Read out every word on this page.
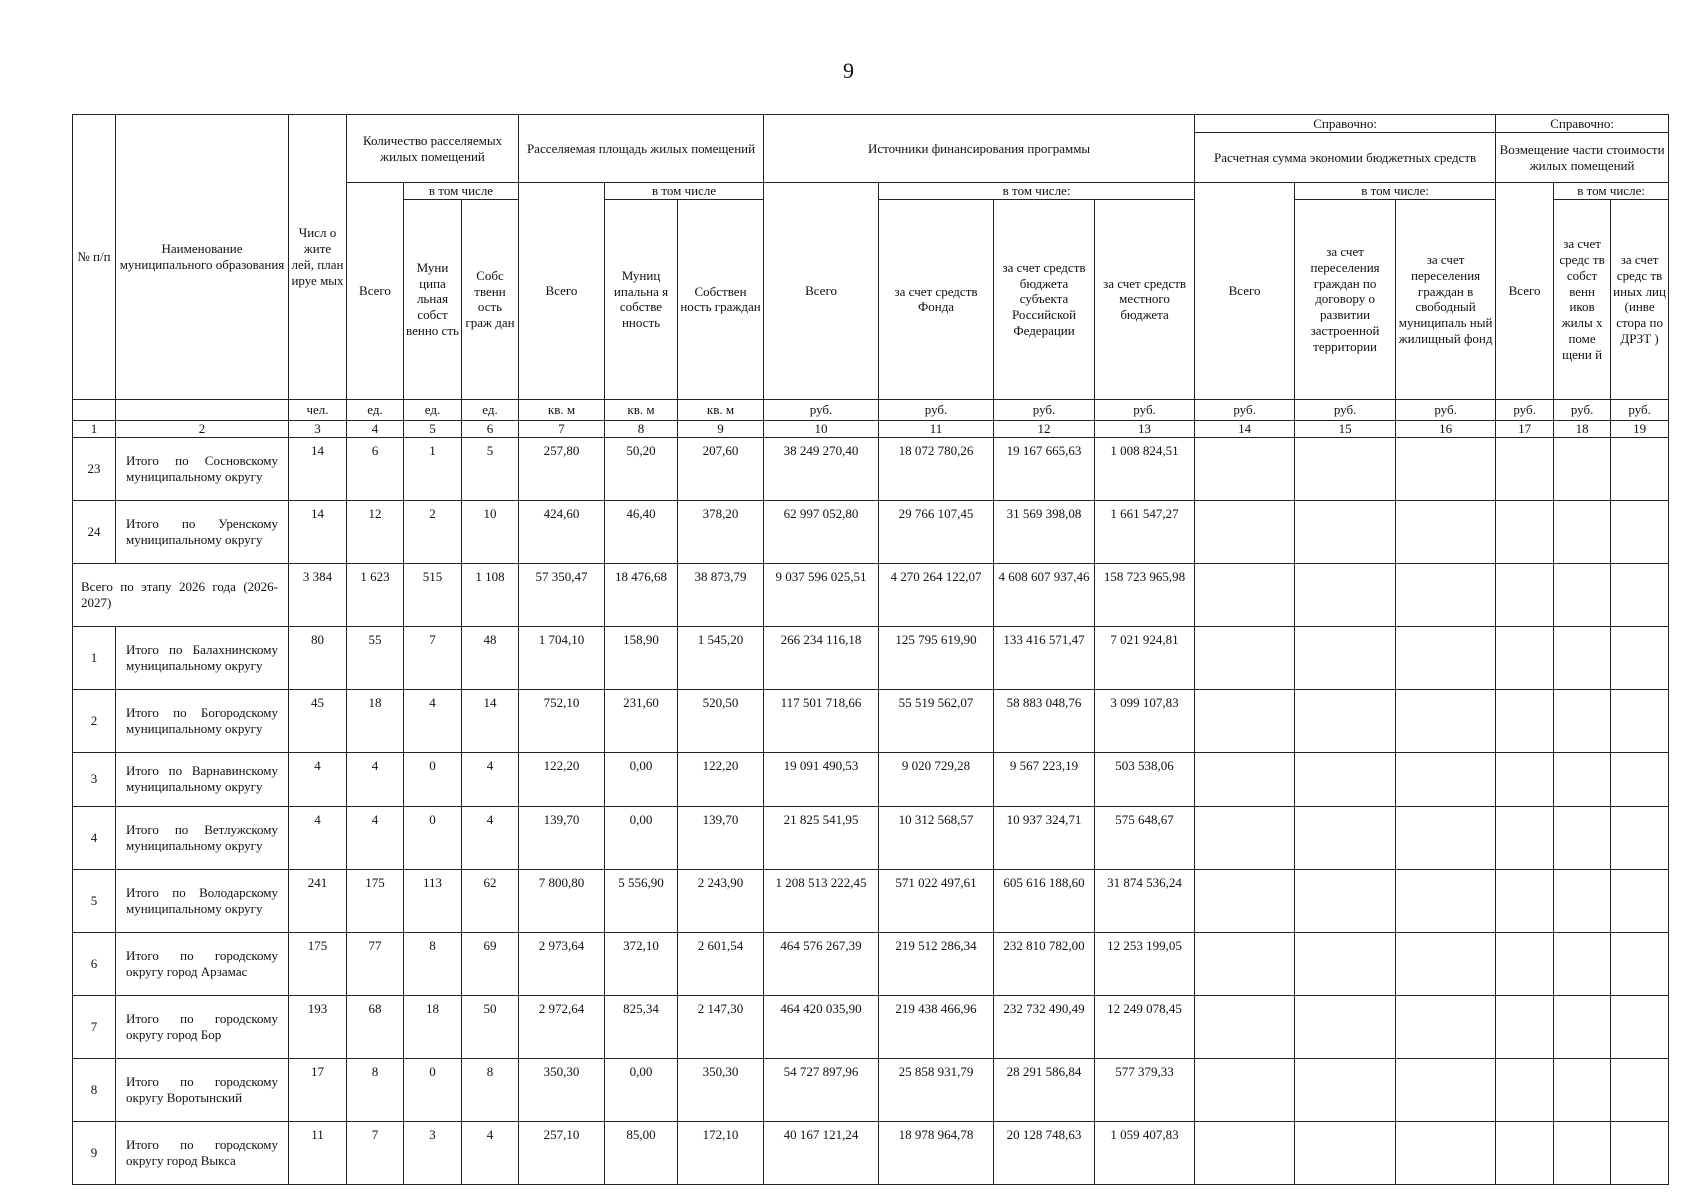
9
№ п/п	Наименование муниципального образования	Числ о жите лей, план ируе мых	Количество расселяемых жилых помещений			Расселяемая площадь жилых помещений			Источники финансирования программы				Справочно:			Справочно:		
													Расчетная сумма экономии бюджетных средств			Возмещение части стоимости жилых помещений		
			Всего	в том числе		Всего	в том числе		Всего	в том числе:			Всего	в том числе:		Всего	в том числе:	
				Муни ципа льная собст венно сть	Собс твенн ость граж дан		Муниц ипальна я собстве нность	Собствен ность граждан		за счет средств Фонда	за счет средств бюджета субъекта Российской Федерации	за счет средств местного бюджета		за счет переселения граждан по договору о развитии застроенной территории	за счет переселения граждан в свободный муниципаль ный жилищный фонд		за счет средс тв собст венн иков жилы х поме щени й	за счет средс тв иных лиц (инве стора по ДРЗТ )
		чел.	ед.	ед.	ед.	кв. м	кв. м	кв. м	руб.	руб.	руб.	руб.	руб.	руб.	руб.	руб.	руб.	руб.
1	2	3	4	5	6	7	8	9	10	11	12	13	14	15	16	17	18	19
23	Итого по Сосновскому муниципальному округу	14	6	1	5	257,80	50,20	207,60	38 249 270,40	18 072 780,26	19 167 665,63	1 008 824,51						
24	Итого по Уренскому муниципальному округу	14	12	2	10	424,60	46,40	378,20	62 997 052,80	29 766 107,45	31 569 398,08	1 661 547,27						
Всего по этапу 2026 года (2026-2027)		3 384	1 623	515	1 108	57 350,47	18 476,68	38 873,79	9 037 596 025,51	4 270 264 122,07	4 608 607 937,46	158 723 965,98						
1	Итого по Балахнинскому муниципальному округу	80	55	7	48	1 704,10	158,90	1 545,20	266 234 116,18	125 795 619,90	133 416 571,47	7 021 924,81						
2	Итого по Богородскому муниципальному округу	45	18	4	14	752,10	231,60	520,50	117 501 718,66	55 519 562,07	58 883 048,76	3 099 107,83						
3	Итого по Варнавинскому муниципальному округу	4	4	0	4	122,20	0,00	122,20	19 091 490,53	9 020 729,28	9 567 223,19	503 538,06						
4	Итого по Ветлужскому муниципальному округу	4	4	0	4	139,70	0,00	139,70	21 825 541,95	10 312 568,57	10 937 324,71	575 648,67						
5	Итого по Володарскому муниципальному округу	241	175	113	62	7 800,80	5 556,90	2 243,90	1 208 513 222,45	571 022 497,61	605 616 188,60	31 874 536,24						
6	Итого по городскому округу город Арзамас	175	77	8	69	2 973,64	372,10	2 601,54	464 576 267,39	219 512 286,34	232 810 782,00	12 253 199,05						
7	Итого по городскому округу город Бор	193	68	18	50	2 972,64	825,34	2 147,30	464 420 035,90	219 438 466,96	232 732 490,49	12 249 078,45						
8	Итого по городскому округу Воротынский	17	8	0	8	350,30	0,00	350,30	54 727 897,96	25 858 931,79	28 291 586,84	577 379,33						
9	Итого по городскому округу город Выкса	11	7	3	4	257,10	85,00	172,10	40 167 121,24	18 978 964,78	20 128 748,63	1 059 407,83						
